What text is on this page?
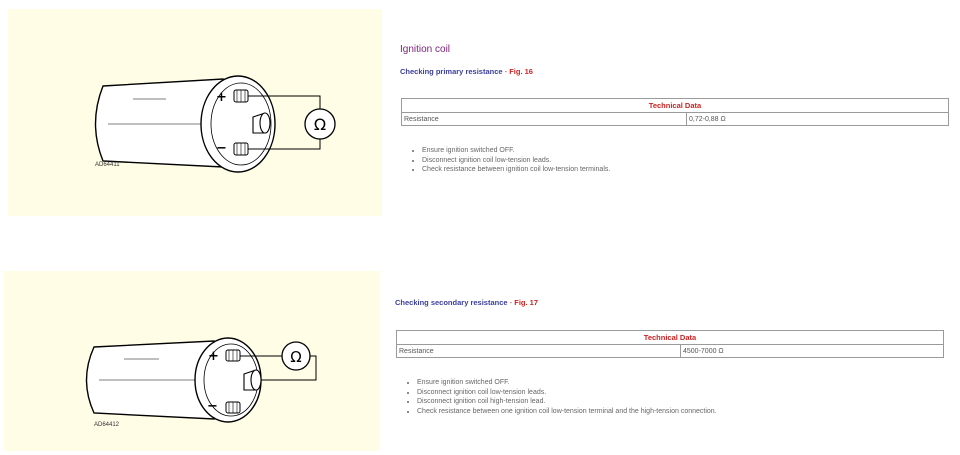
Ω
+
−
AD64411
Ignition coil
Checking primary resistance - Fig. 16
Technical Data
Resistance	0,72-0,88 Ω
• Ensure ignition switched OFF.
• Disconnect ignition coil low-tension leads.
• Check resistance between ignition coil low-tension terminals.
Ω
+
−
AD64412
Checking secondary resistance - Fig. 17
Technical Data
Resistance	4500-7000 Ω
• Ensure ignition switched OFF.
• Disconnect ignition coil low-tension leads.
• Disconnect ignition coil high-tension lead.
• Check resistance between one ignition coil low-tension terminal and the high-tension connection.
